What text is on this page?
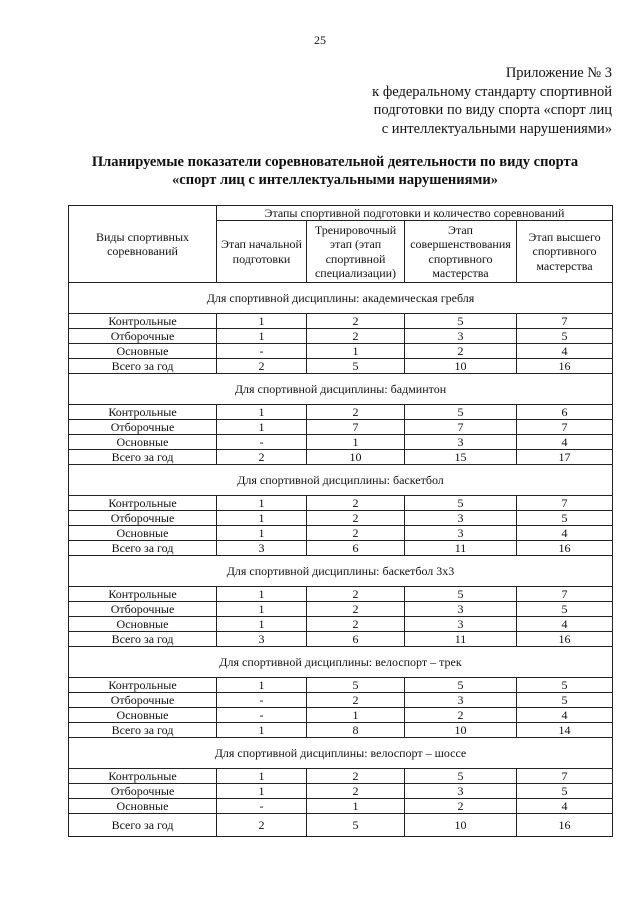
25
Приложение № 3
к федеральному стандарту спортивной
подготовки по виду спорта «спорт лиц
с интеллектуальными нарушениями»
Планируемые показатели соревновательной деятельности по виду спорта
«спорт лиц с интеллектуальными нарушениями»
Виды спортивных соревнований	Этапы спортивной подготовки и количество соревнований			
	Этап начальной подготовки	Тренировочный этап (этап спортивной специализации)	Этап совершенствования спортивного мастерства	Этап высшего спортивного мастерства
Для спортивной дисциплины: академическая гребля				
Контрольные	1	2	5	7
Отборочные	1	2	3	5
Основные	-	1	2	4
Всего за год	2	5	10	16
Для спортивной дисциплины: бадминтон				
Контрольные	1	2	5	6
Отборочные	1	7	7	7
Основные	-	1	3	4
Всего за год	2	10	15	17
Для спортивной дисциплины: баскетбол				
Контрольные	1	2	5	7
Отборочные	1	2	3	5
Основные	1	2	3	4
Всего за год	3	6	11	16
Для спортивной дисциплины: баскетбол 3х3				
Контрольные	1	2	5	7
Отборочные	1	2	3	5
Основные	1	2	3	4
Всего за год	3	6	11	16
Для спортивной дисциплины: велоспорт – трек				
Контрольные	1	5	5	5
Отборочные	-	2	3	5
Основные	-	1	2	4
Всего за год	1	8	10	14
Для спортивной дисциплины: велоспорт – шоссе				
Контрольные	1	2	5	7
Отборочные	1	2	3	5
Основные	-	1	2	4
Всего за год	2	5	10	16
